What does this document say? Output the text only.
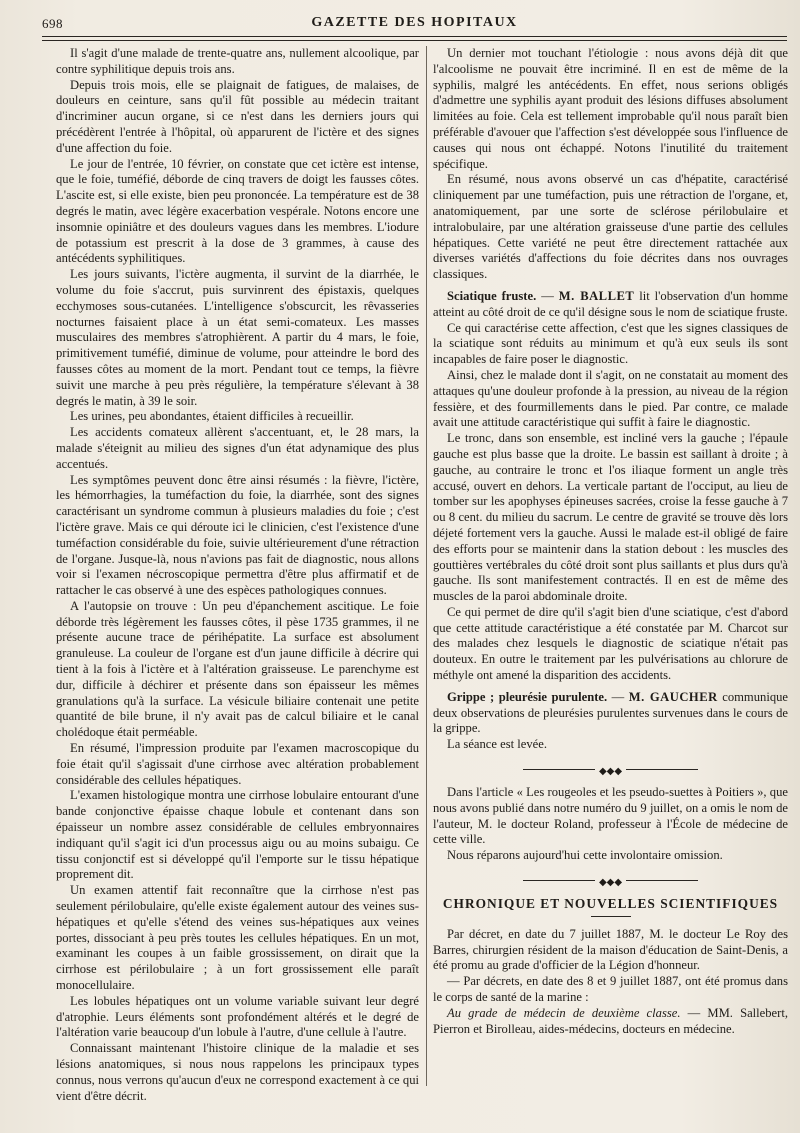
698	GAZETTE DES HOPITAUX

Il s'agit d'une malade de trente-quatre ans, nullement alcoolique, par contre syphilitique depuis trois ans.

Depuis trois mois, elle se plaignait de fatigues, de malaises, de douleurs en ceinture, sans qu'il fût possible au médecin traitant d'incriminer aucun organe, si ce n'est dans les derniers jours qui précédèrent l'entrée à l'hôpital, où apparurent de l'ictère et des signes d'une affection du foie.

Le jour de l'entrée, 10 février, on constate que cet ictère est intense, que le foie, tuméfié, déborde de cinq travers de doigt les fausses côtes. L'ascite est, si elle existe, bien peu prononcée. La température est de 38 degrés le matin, avec légère exacerbation vespérale. Notons encore une insomnie opiniâtre et des douleurs vagues dans les membres. L'iodure de potassium est prescrit à la dose de 3 grammes, à cause des antécédents syphilitiques.

Les jours suivants, l'ictère augmenta, il survint de la diarrhée, le volume du foie s'accrut, puis survinrent des épistaxis, quelques ecchymoses sous-cutanées. L'intelligence s'obscurcit, les rêvasseries nocturnes faisaient place à un état semi-comateux. Les masses musculaires des membres s'atrophièrent. A partir du 4 mars, le foie, primitivement tuméfié, diminue de volume, pour atteindre le bord des fausses côtes au moment de la mort. Pendant tout ce temps, la fièvre suivit une marche à peu près régulière, la température s'élevant à 38 degrés le matin, à 39 le soir.

Les urines, peu abondantes, étaient difficiles à recueillir.

Les accidents comateux allèrent s'accentuant, et, le 28 mars, la malade s'éteignit au milieu des signes d'un état adynamique des plus accentués.

Les symptômes peuvent donc être ainsi résumés : la fièvre, l'ictère, les hémorrhagies, la tuméfaction du foie, la diarrhée, sont des signes caractérisant un syndrome commun à plusieurs maladies du foie ; c'est l'ictère grave. Mais ce qui déroute ici le clinicien, c'est l'existence d'une tuméfaction considérable du foie, suivie ultérieurement d'une rétraction de l'organe. Jusque-là, nous n'avions pas fait de diagnostic, nous allons voir si l'examen nécroscopique permettra d'être plus affirmatif et de rattacher le cas observé à une des espèces pathologiques connues.

A l'autopsie on trouve : Un peu d'épanchement ascitique. Le foie déborde très légèrement les fausses côtes, il pèse 1735 grammes, il ne présente aucune trace de périhépatite. La surface est absolument granuleuse. La couleur de l'organe est d'un jaune difficile à décrire qui tient à la fois à l'ictère et à l'altération graisseuse. Le parenchyme est dur, difficile à déchirer et présente dans son épaisseur les mêmes granulations qu'à la surface. La vésicule biliaire contenait une petite quantité de bile brune, il n'y avait pas de calcul biliaire et le canal cholédoque était perméable.

En résumé, l'impression produite par l'examen macroscopique du foie était qu'il s'agissait d'une cirrhose avec altération probablement considérable des cellules hépatiques.

L'examen histologique montra une cirrhose lobulaire entourant d'une bande conjonctive épaisse chaque lobule et contenant dans son épaisseur un nombre assez considérable de cellules embryonnaires indiquant qu'il s'agit ici d'un processus aigu ou au moins subaigu. Ce tissu conjonctif est si développé qu'il l'emporte sur le tissu hépatique proprement dit.

Un examen attentif fait reconnaître que la cirrhose n'est pas seulement périlobulaire, qu'elle existe également autour des veines sus-hépatiques et qu'elle s'étend des veines sus-hépatiques aux veines portes, dissociant à peu près toutes les cellules hépatiques. En un mot, examinant les coupes à un faible grossissement, on dirait que la cirrhose est périlobulaire ; à un fort grossissement elle paraît monocellulaire.

Les lobules hépatiques ont un volume variable suivant leur degré d'atrophie. Leurs éléments sont profondément altérés et le degré de l'altération varie beaucoup d'un lobule à l'autre, d'une cellule à l'autre.

Connaissant maintenant l'histoire clinique de la maladie et ses lésions anatomiques, si nous nous rappelons les principaux types connus, nous verrons qu'aucun d'eux ne correspond exactement à ce qui vient d'être décrit.

Un dernier mot touchant l'étiologie : nous avons déjà dit que l'alcoolisme ne pouvait être incriminé. Il en est de même de la syphilis, malgré les antécédents. En effet, nous serions obligés d'admettre une syphilis ayant produit des lésions diffuses absolument limitées au foie. Cela est tellement improbable qu'il nous paraît bien préférable d'avouer que l'affection s'est développée sous l'influence de causes qui nous ont échappé. Notons l'inutilité du traitement spécifique.

En résumé, nous avons observé un cas d'hépatite, caractérisé cliniquement par une tuméfaction, puis une rétraction de l'organe, et, anatomiquement, par une sorte de sclérose périlobulaire et intralobulaire, par une altération graisseuse d'une partie des cellules hépatiques. Cette variété ne peut être directement rattachée aux diverses variétés d'affections du foie décrites dans nos ouvrages classiques.

Sciatique fruste. — M. BALLET lit l'observation d'un homme atteint au côté droit de ce qu'il désigne sous le nom de sciatique fruste.

Ce qui caractérise cette affection, c'est que les signes classiques de la sciatique sont réduits au minimum et qu'à eux seuls ils sont incapables de faire poser le diagnostic.

Ainsi, chez le malade dont il s'agit, on ne constatait au moment des attaques qu'une douleur profonde à la pression, au niveau de la région fessière, et des fourmillements dans le pied. Par contre, ce malade avait une attitude caractéristique qui suffit à faire le diagnostic.

Le tronc, dans son ensemble, est incliné vers la gauche ; l'épaule gauche est plus basse que la droite. Le bassin est saillant à droite ; à gauche, au contraire le tronc et l'os iliaque forment un angle très accusé, ouvert en dehors. La verticale partant de l'occiput, au lieu de tomber sur les apophyses épineuses sacrées, croise la fesse gauche à 7 ou 8 cent. du milieu du sacrum. Le centre de gravité se trouve dès lors déjeté fortement vers la gauche. Aussi le malade est-il obligé de faire des efforts pour se maintenir dans la station debout : les muscles des gouttières vertébrales du côté droit sont plus saillants et plus durs qu'à gauche. Ils sont manifestement contractés. Il en est de même des muscles de la paroi abdominale droite.

Ce qui permet de dire qu'il s'agit bien d'une sciatique, c'est d'abord que cette attitude caractéristique a été constatée par M. Charcot sur des malades chez lesquels le diagnostic de sciatique n'était pas douteux. En outre le traitement par les pulvérisations au chlorure de méthyle ont amené la disparition des accidents.

Grippe ; pleurésie purulente. — M. GAUCHER communique deux observations de pleurésies purulentes survenues dans le cours de la grippe.

La séance est levée.

◆◆◆

Dans l'article « Les rougeoles et les pseudo-suettes à Poitiers », que nous avons publié dans notre numéro du 9 juillet, on a omis le nom de l'auteur, M. le docteur Roland, professeur à l'École de médecine de cette ville.

Nous réparons aujourd'hui cette involontaire omission.

◆◆◆

CHRONIQUE ET NOUVELLES SCIENTIFIQUES

Par décret, en date du 7 juillet 1887, M. le docteur Le Roy des Barres, chirurgien résident de la maison d'éducation de Saint-Denis, a été promu au grade d'officier de la Légion d'honneur.

— Par décrets, en date des 8 et 9 juillet 1887, ont été promus dans le corps de santé de la marine :

Au grade de médecin de deuxième classe. — MM. Sallebert, Pierron et Birolleau, aides-médecins, docteurs en médecine.
